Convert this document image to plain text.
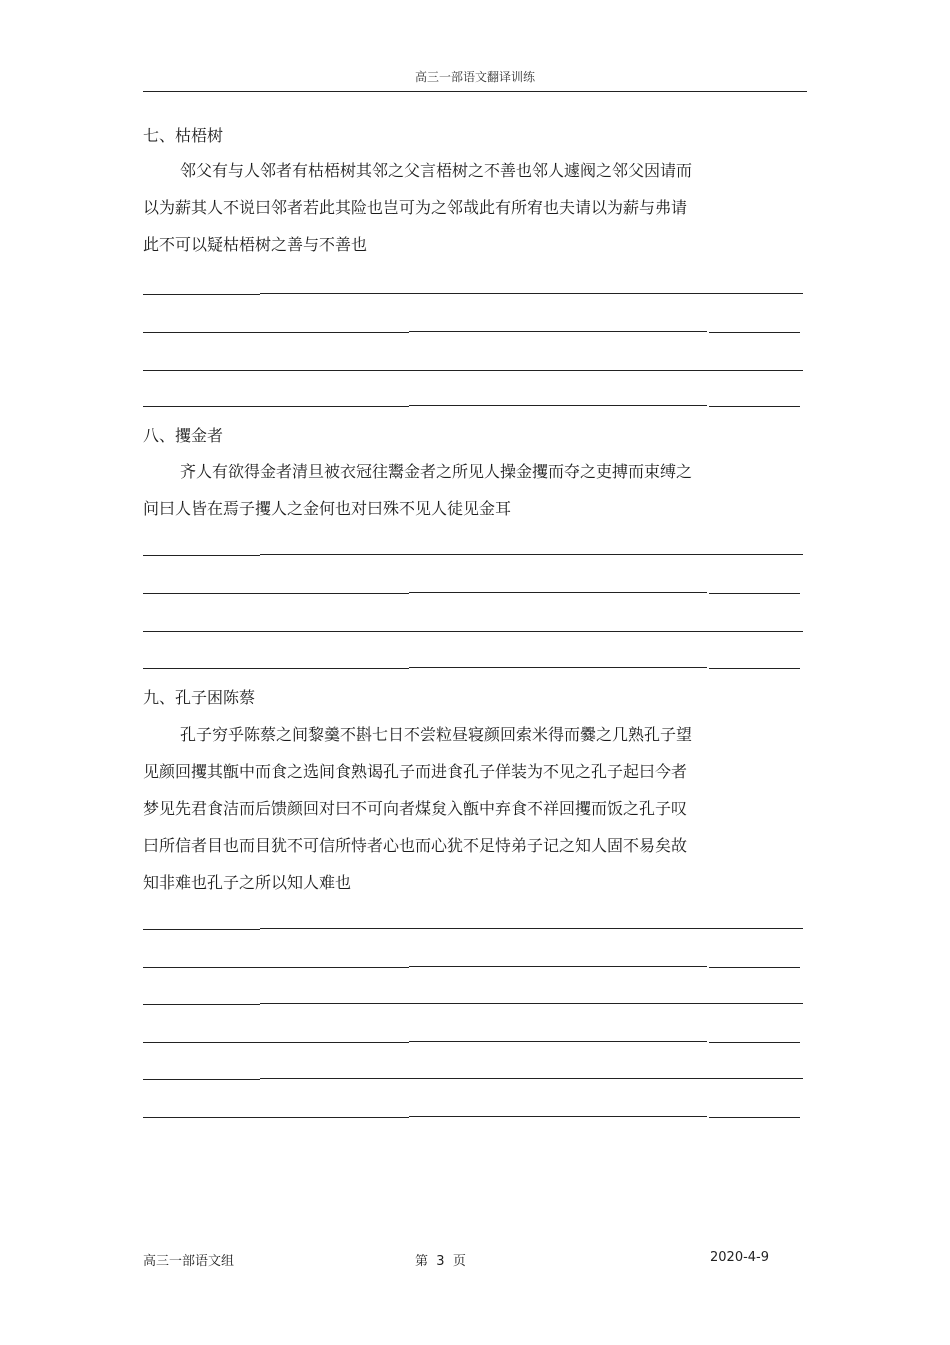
高三一部语文翻译训练
七、枯梧树
邻父有与人邻者有枯梧树其邻之父言梧树之不善也邻人遽阀之邻父因请而
以为薪其人不说曰邻者若此其险也岂可为之邻哉此有所宥也夫请以为薪与弗请
此不可以疑枯梧树之善与不善也
八、攫金者
齐人有欲得金者清旦被衣冠往鬻金者之所见人操金攫而夺之吏搏而束缚之
问曰人皆在焉子攫人之金何也对曰殊不见人徒见金耳
九、孔子困陈蔡
孔子穷乎陈蔡之间黎羹不斟七日不尝粒昼寝颜回索米得而爨之几熟孔子望
见颜回攫其甑中而食之选间食熟谒孔子而进食孔子佯装为不见之孔子起曰今者
梦见先君食洁而后馈颜回对曰不可向者煤炱入甑中弃食不祥回攫而饭之孔子叹
曰所信者目也而目犹不可信所恃者心也而心犹不足恃弟子记之知人固不易矣故
知非难也孔子之所以知人难也
高三一部语文组	第 3 页	2020-4-9
